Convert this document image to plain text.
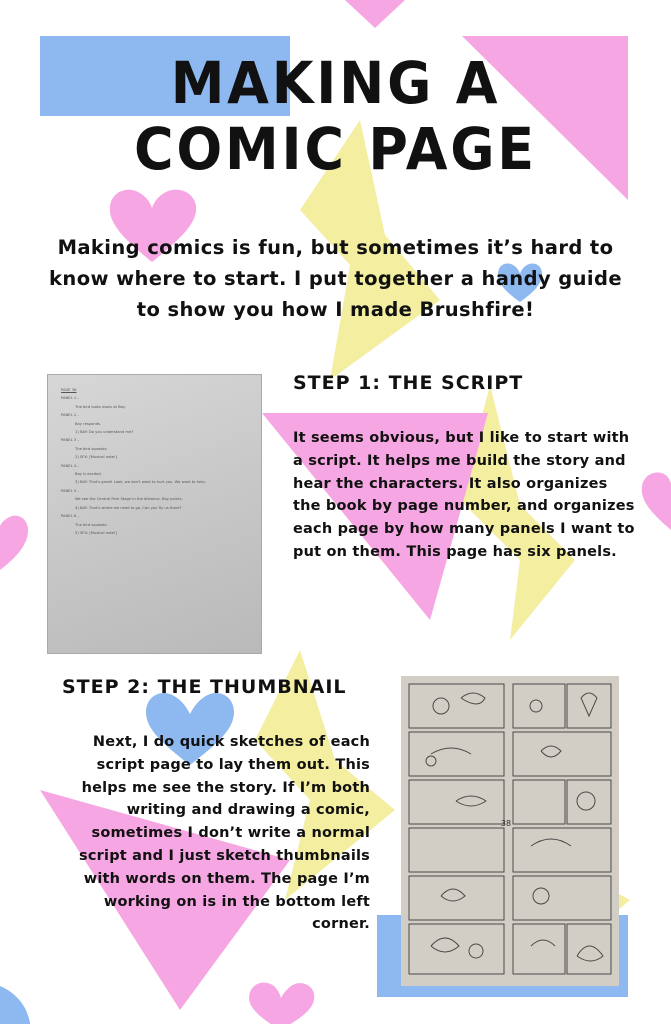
MAKING A
COMIC PAGE

Making comics is fun, but sometimes it’s hard to know where to start. I put together a handy guide to show you how I made Brushfire!

PAGE 38
PANEL 1 –
The bird looks down at Bay.
PANEL 2 –
Bay responds.
1) BAY: Do you understand me?
PANEL 3 –
The bird squeaks.
2) SFX: [Musical note!]
PANEL 4 –
Bay is excited.
3) BAY: That's great! Look, we don't want to hurt you. We want to help.
PANEL 5 –
We see the Central Park Stage in the distance. Bay points.
4) BAY: That's where we need to go. Can you fly us there?
PANEL 6 –
The bird squeaks.
5) SFX: [Musical note!]
STEP 1: THE SCRIPT

It seems obvious, but I like to start with a script. It helps me build the story and hear the characters. It also organizes the book by page number, and organizes each page by how many panels I want to put on them. This page has six panels.

STEP 2: THE THUMBNAIL

Next, I do quick sketches of each script page to lay them out. This helps me see the story. If I’m both writing and drawing a comic, sometimes I don’t write a normal script and I just sketch thumbnails with words on them. The page I’m working on is in the bottom left corner.

38
